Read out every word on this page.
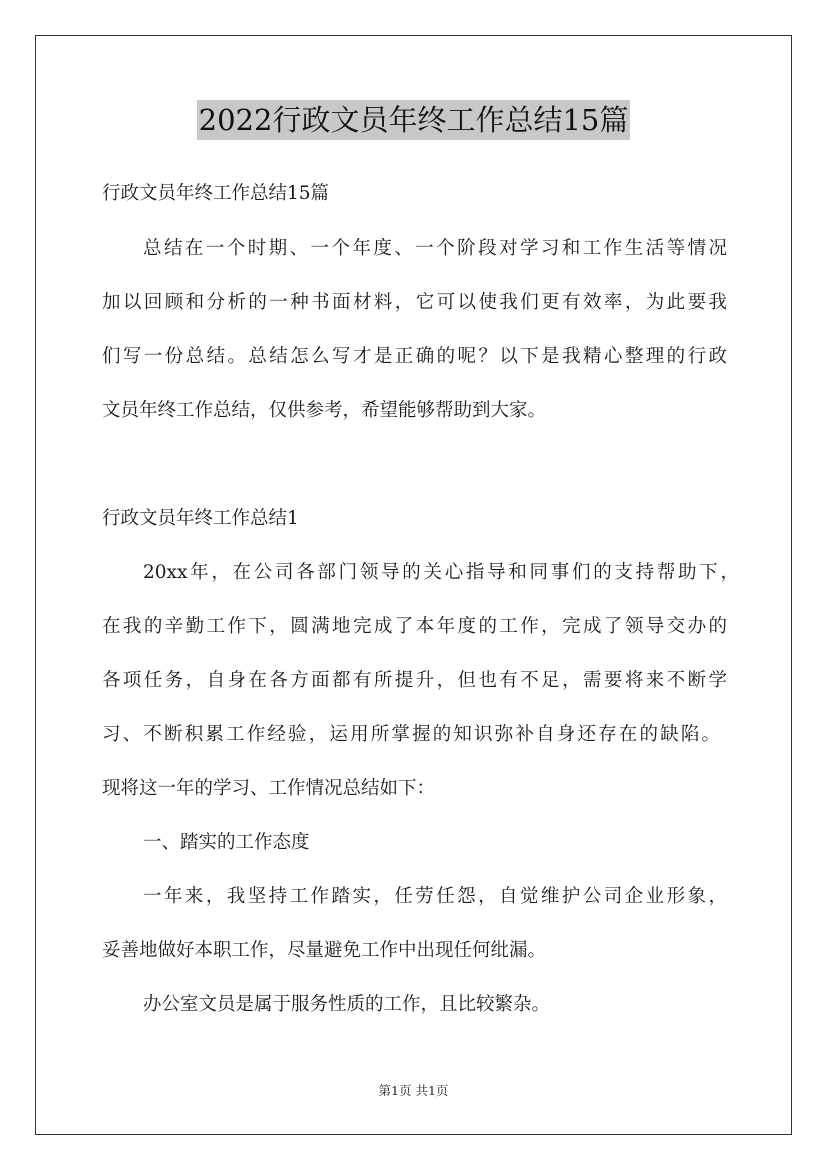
2022行政文员年终工作总结15篇
行政文员年终工作总结15篇
总结在一个时期、一个年度、一个阶段对学习和工作生活等情况
加以回顾和分析的一种书面材料，它可以使我们更有效率，为此要我
们写一份总结。总结怎么写才是正确的呢？以下是我精心整理的行政
文员年终工作总结，仅供参考，希望能够帮助到大家。
行政文员年终工作总结1
20xx年，在公司各部门领导的关心指导和同事们的支持帮助下，
在我的辛勤工作下，圆满地完成了本年度的工作，完成了领导交办的
各项任务，自身在各方面都有所提升，但也有不足，需要将来不断学
习、不断积累工作经验，运用所掌握的知识弥补自身还存在的缺陷。
现将这一年的学习、工作情况总结如下：
一、踏实的工作态度
一年来，我坚持工作踏实，任劳任怨，自觉维护公司企业形象，
妥善地做好本职工作，尽量避免工作中出现任何纰漏。
办公室文员是属于服务性质的工作，且比较繁杂。
第1页 共1页
